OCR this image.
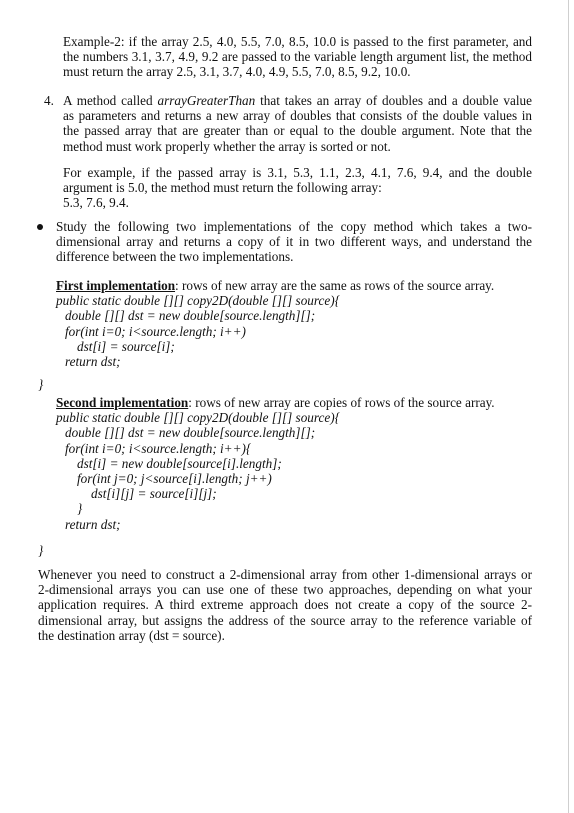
Example-2: if the array 2.5, 4.0, 5.5, 7.0, 8.5, 10.0 is passed to the first parameter, and
the numbers 3.1, 3.7, 4.9, 9.2 are passed to the variable length argument list, the method
must return the array 2.5, 3.1, 3.7, 4.0, 4.9, 5.5, 7.0, 8.5, 9.2, 10.0.
4. A method called arrayGreaterThan that takes an array of doubles and a double value
as parameters and returns a new array of doubles that consists of the double values in
the passed array that are greater than or equal to the double argument. Note that the
method must work properly whether the array is sorted or not.
For example, if the passed array is 3.1, 5.3, 1.1, 2.3, 4.1, 7.6, 9.4, and the double
argument is 5.0, the method must return the following array:
5.3, 7.6, 9.4.
Study the following two implementations of the copy method which takes a two-
dimensional array and returns a copy of it in two different ways, and understand the
difference between the two implementations.
First implementation: rows of new array are the same as rows of the source array.
public static double [][] copy2D(double [][] source){
double [][] dst = new double[source.length][];
for(int i=0; i<source.length; i++)
dst[i] = source[i];
return dst;
}
Second implementation: rows of new array are copies of rows of the source array.
public static double [][] copy2D(double [][] source){
double [][] dst = new double[source.length][];
for(int i=0; i<source.length; i++){
dst[i] = new double[source[i].length];
for(int j=0; j<source[i].length; j++)
dst[i][j] = source[i][j];
}
return dst;
}
Whenever you need to construct a 2-dimensional array from other 1-dimensional arrays or
2-dimensional arrays you can use one of these two approaches, depending on what your
application requires. A third extreme approach does not create a copy of the source 2-
dimensional array, but assigns the address of the source array to the reference variable of
the destination array (dst = source).
